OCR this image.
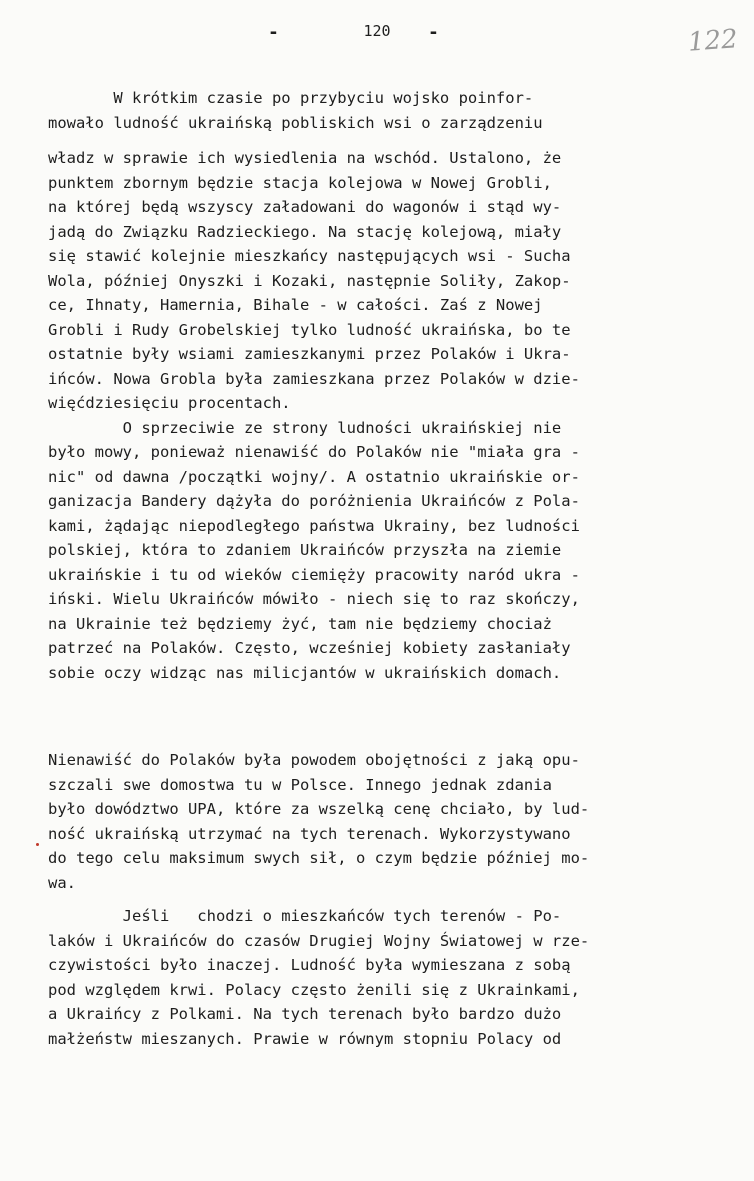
-	120	-	122
W krótkim czasie po przybyciu wojsko poinfor-
mowało ludność ukraińską pobliskich wsi o zarządzeniu
władz w sprawie ich wysiedlenia na wschód. Ustalono, że
punktem zbornym będzie stacja kolejowa w Nowej Grobli,
na której będą wszyscy załadowani do wagonów i stąd wy-
jadą do Związku Radzieckiego. Na stację kolejową, miały
się stawić kolejnie mieszkańcy następujących wsi - Sucha
Wola, później Onyszki i Kozaki, następnie Soliły, Zakop-
ce, Ihnaty, Hamernia, Bihale - w całości. Zaś z Nowej
Grobli i Rudy Grobelskiej tylko ludność ukraińska, bo te
ostatnie były wsiami zamieszkanymi przez Polaków i Ukra-
ińców. Nowa Grobla była zamieszkana przez Polaków w dzie-
więćdziesięciu procentach.
O sprzeciwie ze strony ludności ukraińskiej nie
było mowy, ponieważ nienawiść do Polaków nie "miała gra -
nic" od dawna /początki wojny/. A ostatnio ukraińskie or-
ganizacja Bandery dążyła do poróżnienia Ukraińców z Pola-
kami, żądając niepodległego państwa Ukrainy, bez ludności
polskiej, która to zdaniem Ukraińców przyszła na ziemie
ukraińskie i tu od wieków ciemięży pracowity naród ukra -
iński. Wielu Ukraińców mówiło - niech się to raz skończy,
na Ukrainie też będziemy żyć, tam nie będziemy chociaż
patrzeć na Polaków. Często, wcześniej kobiety zasłaniały
sobie oczy widząc nas milicjantów w ukraińskich domach.
Nienawiść do Polaków była powodem obojętności z jaką opu-
szczali swe domostwa tu w Polsce. Innego jednak zdania
było dowództwo UPA, które za wszelką cenę chciało, by lud-
ność ukraińską utrzymać na tych terenach. Wykorzystywano
do tego celu maksimum swych sił, o czym będzie później mo-
wa.
Jeśli   chodzi o mieszkańców tych terenów - Po-
laków i Ukraińców do czasów Drugiej Wojny Światowej w rze-
czywistości było inaczej. Ludność była wymieszana z sobą
pod względem krwi. Polacy często żenili się z Ukrainkami,
a Ukraińcy z Polkami. Na tych terenach było bardzo dużo
małżeństw mieszanych. Prawie w równym stopniu Polacy od
